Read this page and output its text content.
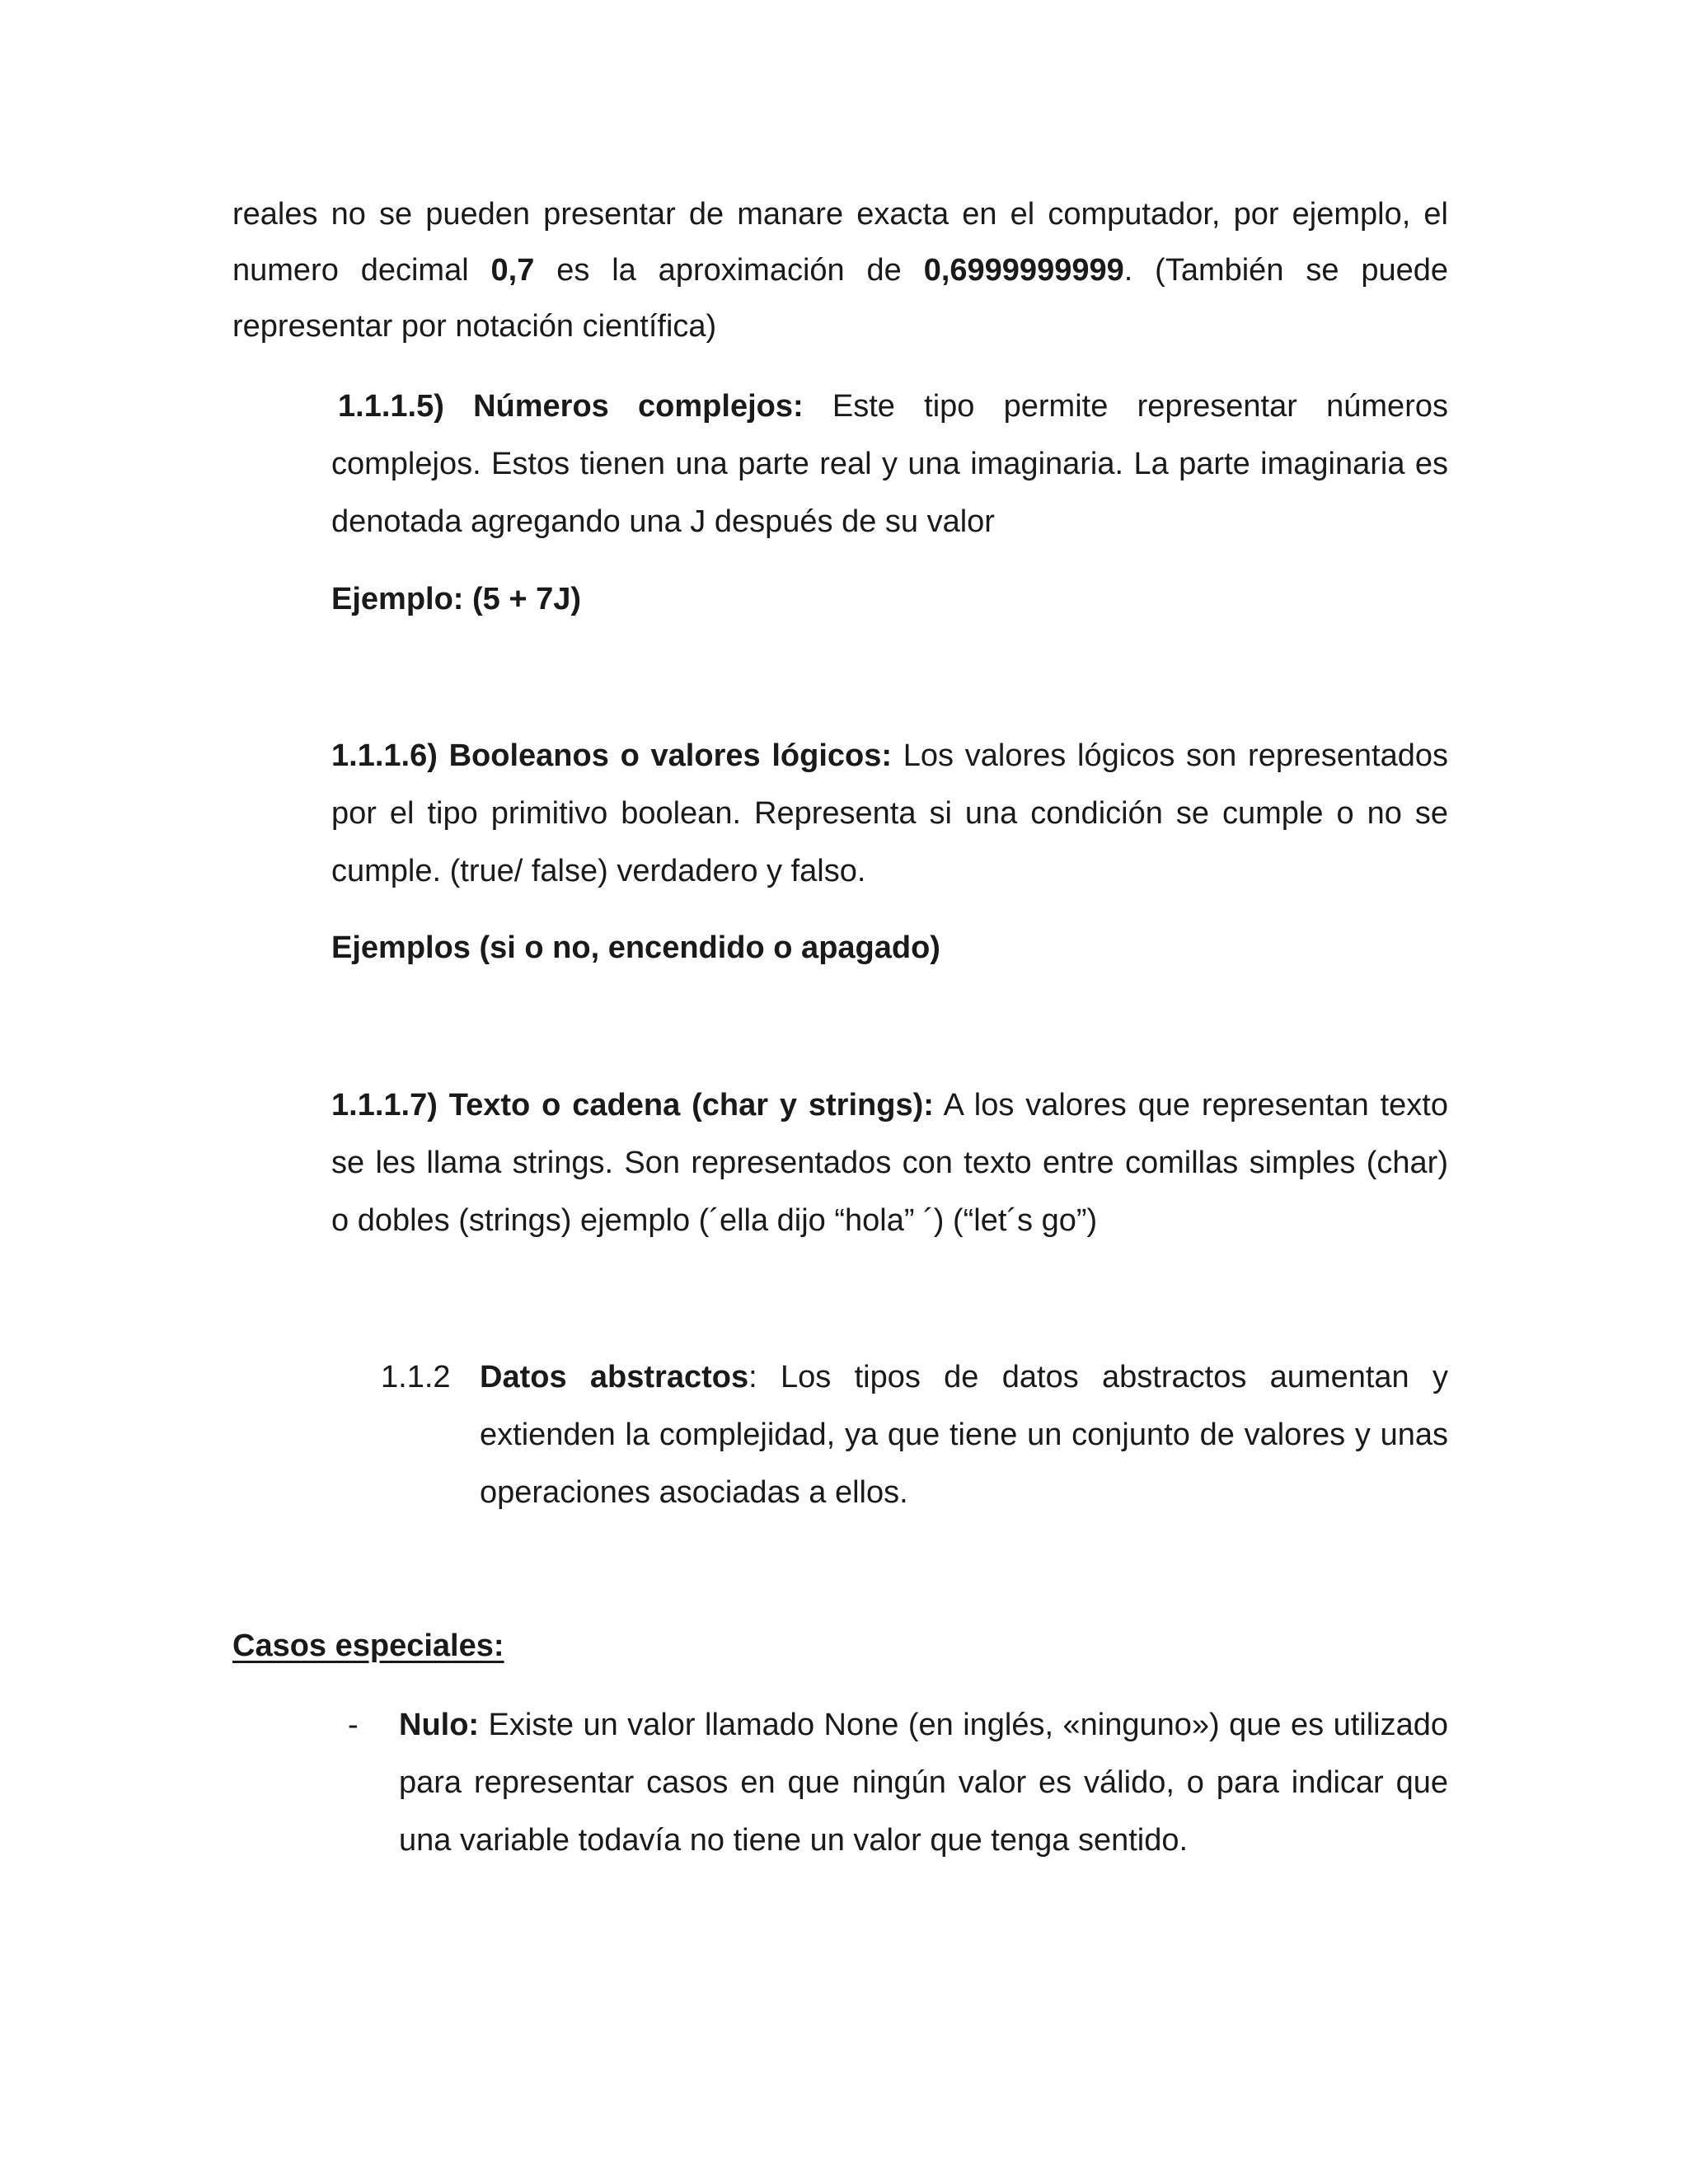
reales no se pueden presentar de manare exacta en el computador, por ejemplo, el numero decimal 0,7 es la aproximación de 0,6999999999. (También se puede representar por notación científica)
1.1.1.5) Números complejos: Este tipo permite representar números complejos. Estos tienen una parte real y una imaginaria. La parte imaginaria es denotada agregando una J después de su valor
Ejemplo: (5 + 7J)
1.1.1.6) Booleanos o valores lógicos: Los valores lógicos son representados por el tipo primitivo boolean. Representa si una condición se cumple o no se cumple. (true/ false) verdadero y falso.
Ejemplos (si o no, encendido o apagado)
1.1.1.7) Texto o cadena (char y strings): A los valores que representan texto se les llama strings. Son representados con texto entre comillas simples (char) o dobles (strings) ejemplo (´ella dijo “hola” ´) (“let´s go”)
1.1.2 Datos abstractos: Los tipos de datos abstractos aumentan y extienden la complejidad, ya que tiene un conjunto de valores y unas operaciones asociadas a ellos.
Casos especiales:
-	Nulo: Existe un valor llamado None (en inglés, «ninguno») que es utilizado para representar casos en que ningún valor es válido, o para indicar que una variable todavía no tiene un valor que tenga sentido.
